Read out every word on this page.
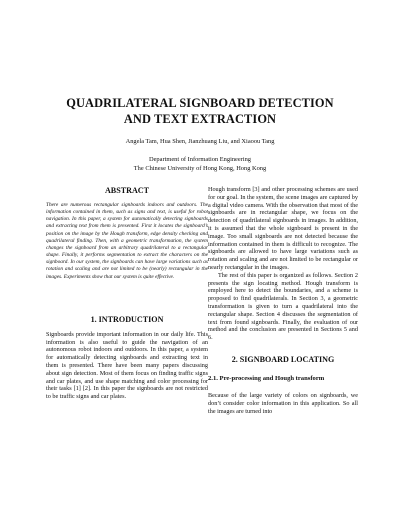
QUADRILATERAL SIGNBOARD DETECTION
AND TEXT EXTRACTION
Angela Tam, Hua Shen, Jianzhuang Liu, and Xiaoou Tang
Department of Information Engineering
The Chinese University of Hong Kong, Hong Kong
ABSTRACT

There are numerous rectangular signboards indoors and outdoors. The information contained in them, such as signs and text, is useful for robot navigation. In this paper, a system for automatically detecting signboards and extracting text from them is presented. First it locates the signboard’s position on the image by the Hough transform, edge density checking and quadrilateral finding. Then, with a geometric transformation, the system changes the signboard from an arbitrary quadrilateral to a rectangular shape. Finally, it performs segmentation to extract the characters on the signboard. In our system, the signboards can have large variations such as rotation and scaling and are not limited to be (nearly) rectangular in the images. Experiments show that our system is quite effective.

1. INTRODUCTION

Signboards provide important information in our daily life. This information is also useful to guide the navigation of an autonomous robot indoors and outdoors. In this paper, a system for automatically detecting signboards and extracting text in them is presented. There have been many papers discussing about sign detection. Most of them focus on finding traffic signs and car plates, and use shape matching and color processing for their tasks [1] [2]. In this paper the signboards are not restricted to be traffic signs and car plates.

Hough transform [3] and other processing schemes are used for our goal. In the system, the scene images are captured by a digital video camera. With the observation that most of the signboards are in rectangular shape, we focus on the detection of quadrilateral signboards in images. In addition, it is assumed that the whole signboard is present in the image. Too small signboards are not detected because the information contained in them is difficult to recognize. The signboards are allowed to have large variations such as rotation and scaling and are not limited to be rectangular or nearly rectangular in the images.

The rest of this paper is organized as follows. Section 2 presents the sign locating method. Hough transform is employed here to detect the boundaries, and a scheme is proposed to find quadrilaterals. In Section 3, a geometric transformation is given to turn a quadrilateral into the rectangular shape. Section 4 discusses the segmentation of text from found signboards. Finally, the evaluation of our method and the conclusion are presented in Sections 5 and 6.

2. SIGNBOARD LOCATING
2.1. Pre-processing and Hough transform

Because of the large variety of colors on signboards, we don’t consider color information in this application. So all the images are turned into
